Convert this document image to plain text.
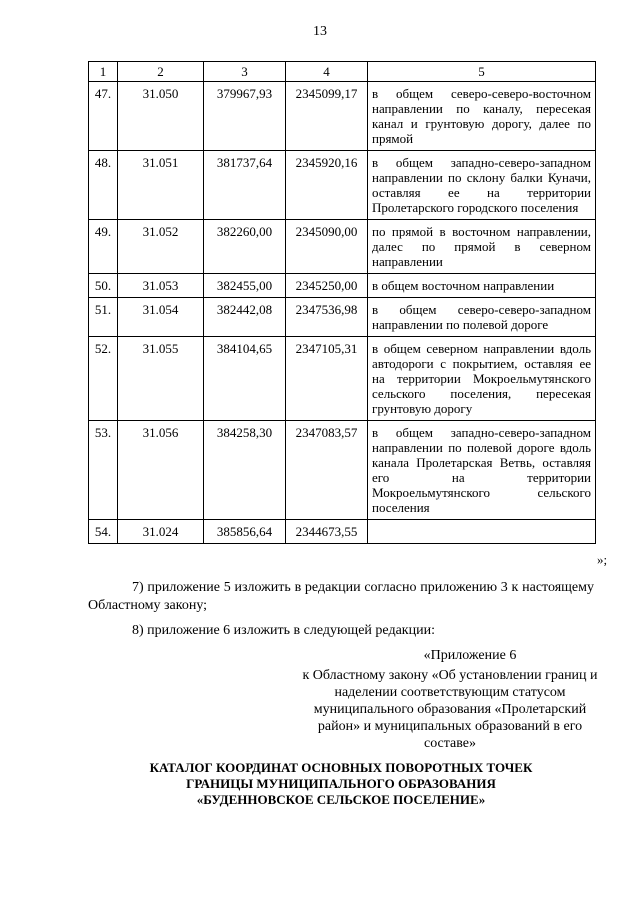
13
1	2	3	4	5
47.	31.050	379967,93	2345099,17	в общем северо-северо-восточном направлении по каналу, пересекая канал и грунтовую дорогу, далее по прямой
48.	31.051	381737,64	2345920,16	в общем западно-северо-западном направлении по склону балки Куначи, оставляя ее на территории Пролетарского городского поселения
49.	31.052	382260,00	2345090,00	по прямой в восточном направлении, далес по прямой в северном направлении
50.	31.053	382455,00	2345250,00	в общем восточном направлении
51.	31.054	382442,08	2347536,98	в общем северо-северо-западном направлении по полевой дороге
52.	31.055	384104,65	2347105,31	в общем северном направлении вдоль автодороги с покрытием, оставляя ее на территории Мокроельмутянского сельского поселения, пересекая грунтовую дорогу
53.	31.056	384258,30	2347083,57	в общем западно-северо-западном направлении по полевой дороге вдоль канала Пролетарская Ветвь, оставляя его на территории Мокроельмутянского сельского поселения
54.	31.024	385856,64	2344673,55	
»;
7) приложение 5 изложить в редакции согласно приложению 3 к настоящему Областному закону;
8) приложение 6 изложить в следующей редакции:
«Приложение 6
к Областному закону «Об установлении границ и наделении соответствующим статусом муниципального образования «Пролетарский район» и муниципальных образований в его составе»
КАТАЛОГ КООРДИНАТ ОСНОВНЫХ ПОВОРОТНЫХ ТОЧЕК
ГРАНИЦЫ МУНИЦИПАЛЬНОГО ОБРАЗОВАНИЯ
«БУДЕННОВСКОЕ СЕЛЬСКОЕ ПОСЕЛЕНИЕ»
